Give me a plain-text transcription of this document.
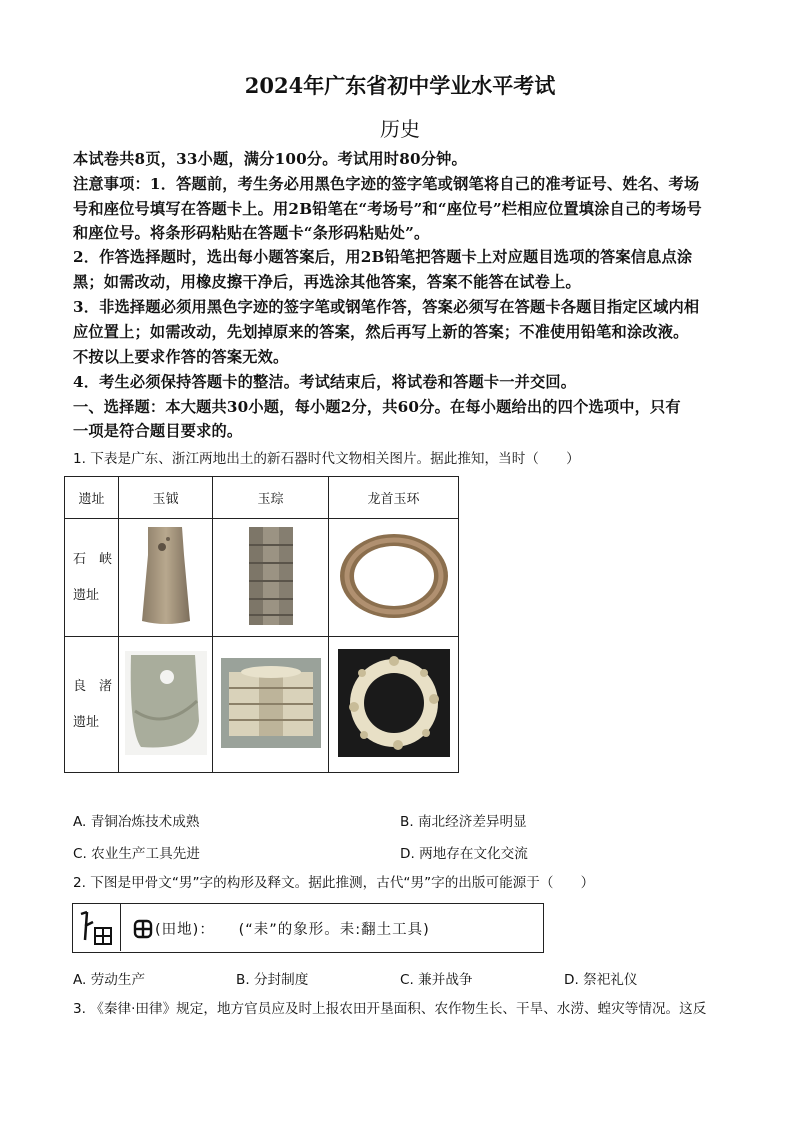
2024年广东省初中学业水平考试
历史
本试卷共8页，33小题，满分100分。考试用时80分钟。
注意事项：1．答题前，考生务必用黑色字迹的签字笔或钢笔将自己的准考证号、姓名、考场
号和座位号填写在答题卡上。用2B铅笔在“考场号”和“座位号”栏相应位置填涂自己的考场号
和座位号。将条形码粘贴在答题卡“条形码粘贴处”。
2．作答选择题时，选出每小题答案后，用2B铅笔把答题卡上对应题目选项的答案信息点涂
黑；如需改动，用橡皮擦干净后，再选涂其他答案，答案不能答在试卷上。
3．非选择题必须用黑色字迹的签字笔或钢笔作答，答案必须写在答题卡各题目指定区域内相
应位置上；如需改动，先划掉原来的答案，然后再写上新的答案；不准使用铅笔和涂改液。
不按以上要求作答的答案无效。
4．考生必须保持答题卡的整洁。考试结束后，将试卷和答题卡一并交回。
一、选择题：本大题共30小题，每小题2分，共60分。在每小题给出的四个选项中，只有
一项是符合题目要求的。
1. 下表是广东、浙江两地出土的新石器时代文物相关图片。据此推知，当时（　　）
遗址	玉钺	玉琮	龙首玉环

石　峡
遗址

良　渚
遗址

A. 青铜冶炼技术成熟	B. 南北经济差异明显
C. 农业生产工具先进	D. 两地存在文化交流
2. 下图是甲骨文“男”字的构形及释文。据此推测，古代“男”字的出版可能源于（　　）
(田地)：　　(“耒”的象形。耒:翻土工具)
A. 劳动生产	B. 分封制度	C. 兼并战争	D. 祭祀礼仪
3. 《秦律·田律》规定，地方官员应及时上报农田开垦面积、农作物生长、干旱、水涝、蝗灾等情况。这反
